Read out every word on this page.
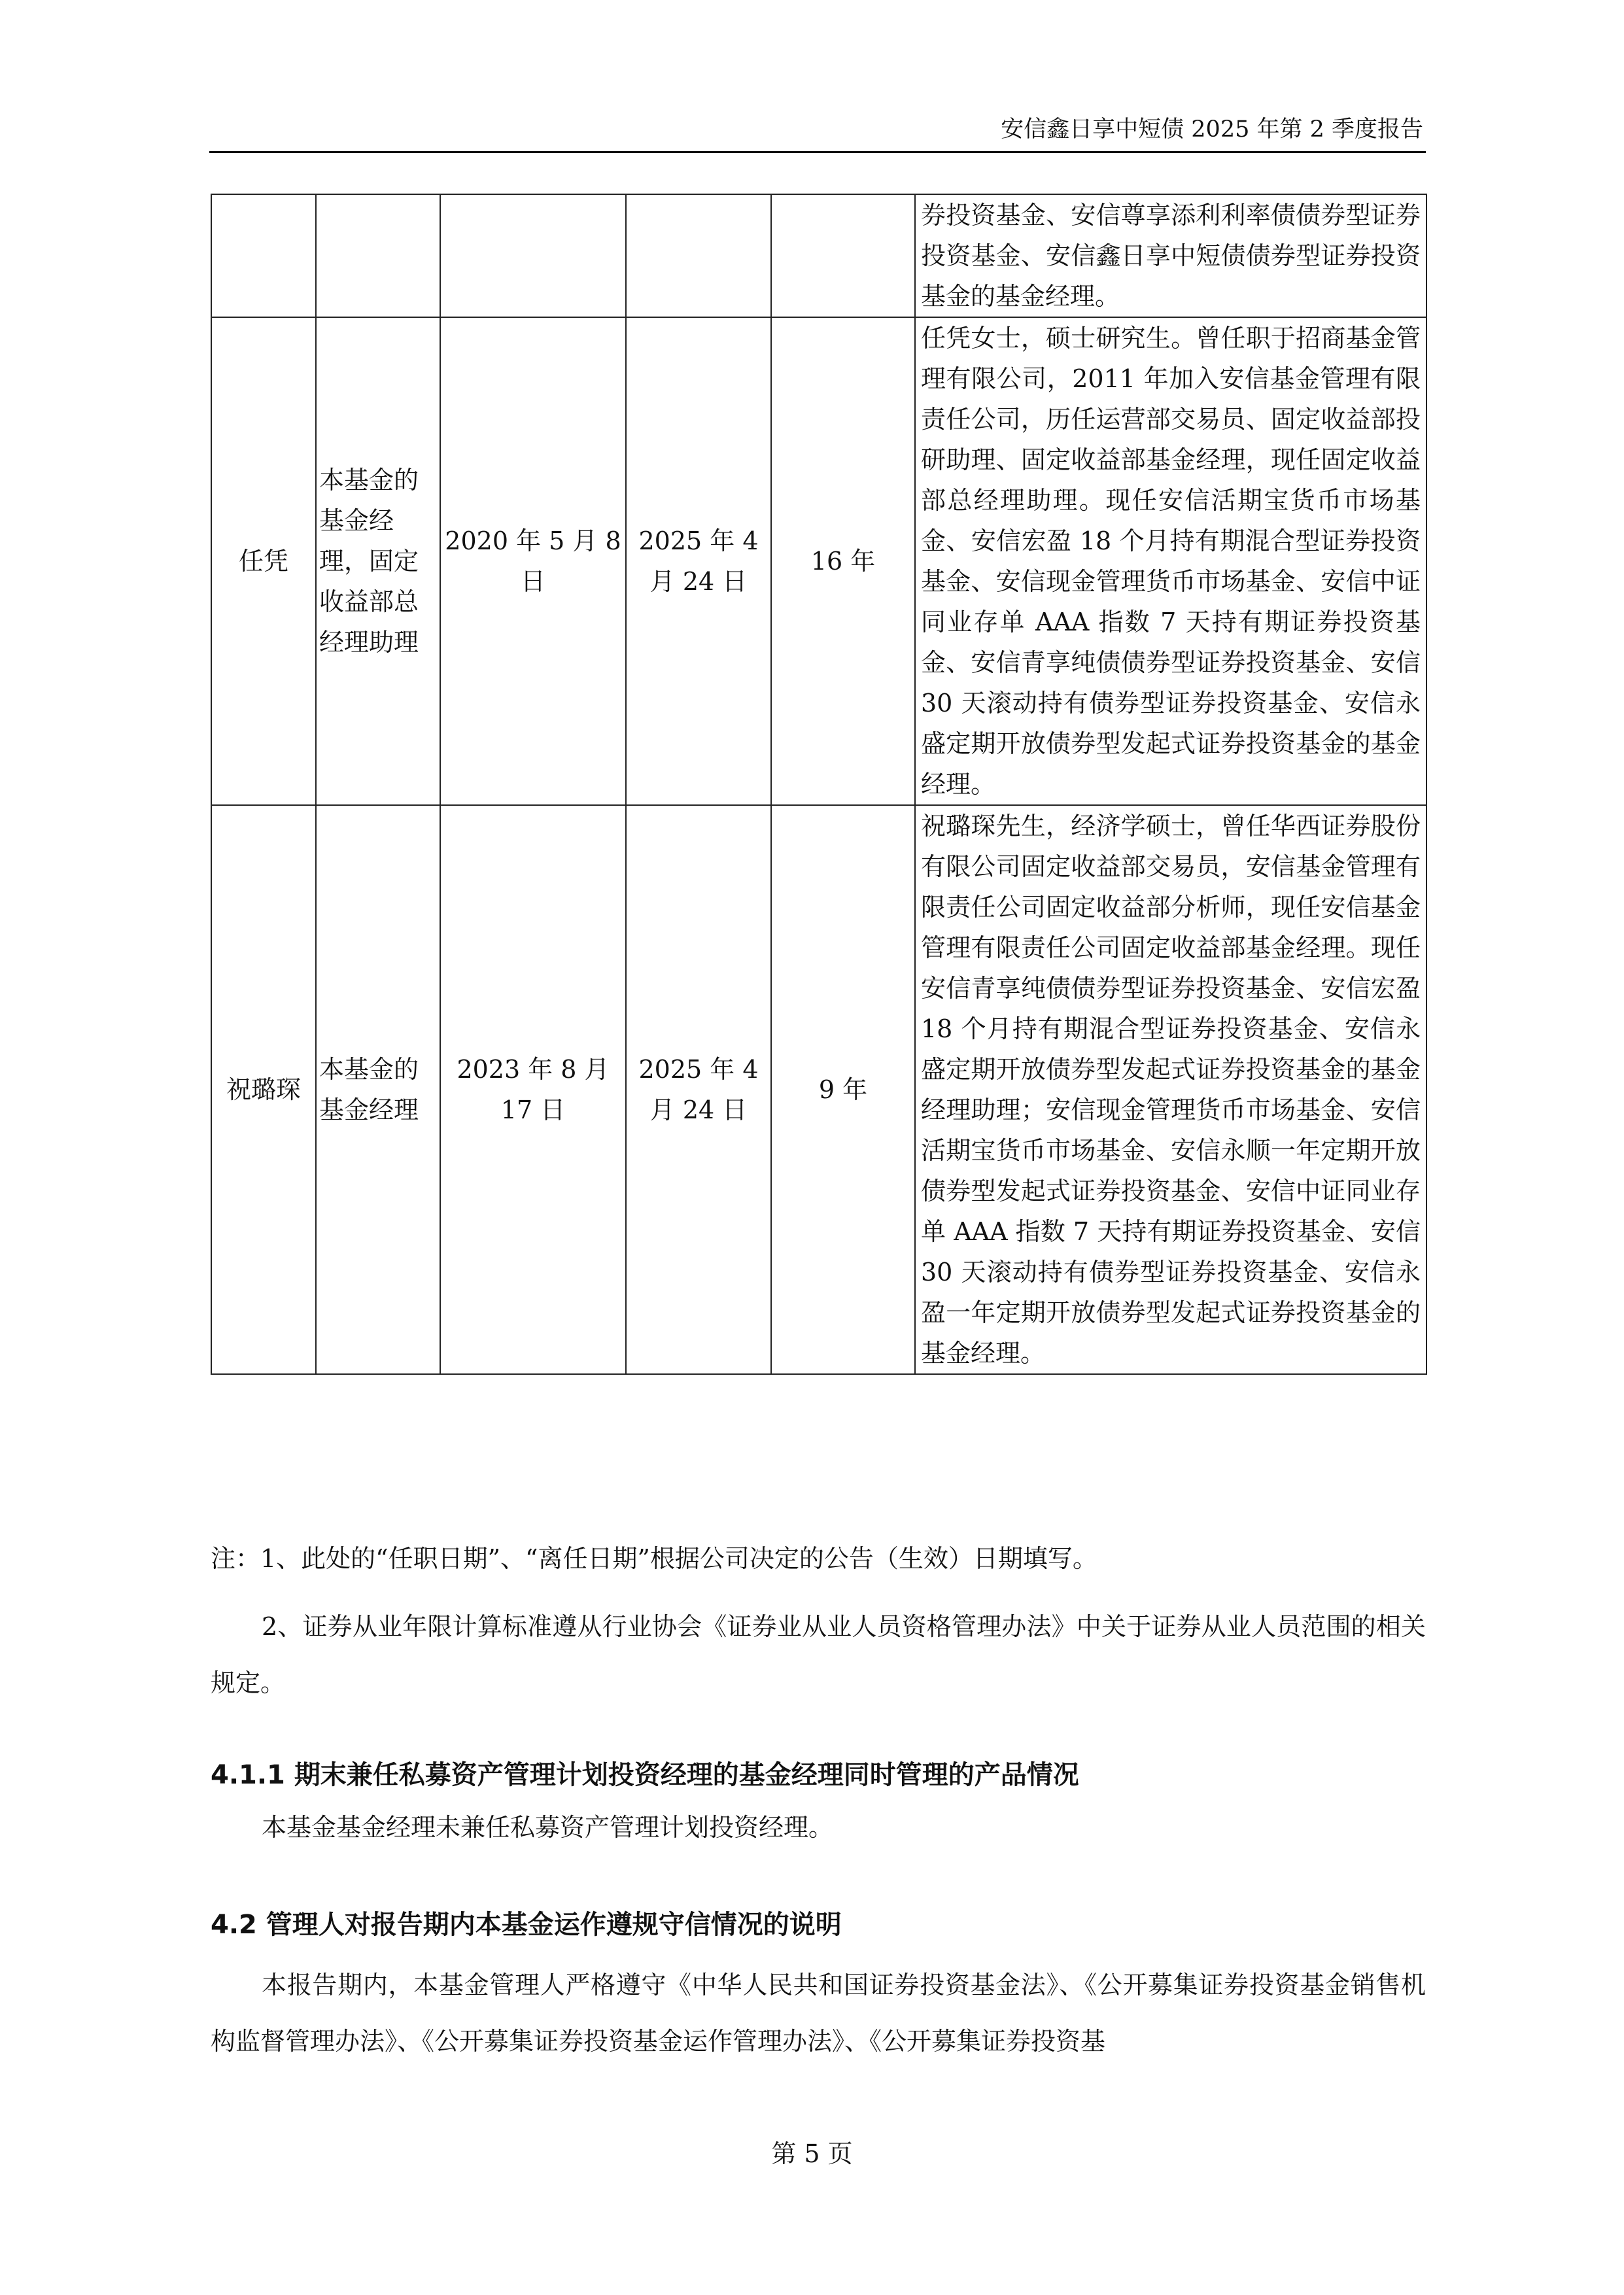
安信鑫日享中短债 2025 年第 2 季度报告
					券投资基金、安信尊享添利利率债债券型证券投资基金、安信鑫日享中短债债券型证券投资基金的基金经理。
任凭	本基金的基金经理，固定收益部总经理助理	2020 年 5 月 8 日	2025 年 4 月 24 日	16 年	任凭女士，硕士研究生。曾任职于招商基金管理有限公司，2011 年加入安信基金管理有限责任公司，历任运营部交易员、固定收益部投研助理、固定收益部基金经理，现任固定收益部总经理助理。现任安信活期宝货币市场基金、安信宏盈 18 个月持有期混合型证券投资基金、安信现金管理货币市场基金、安信中证同业存单 AAA 指数 7 天持有期证券投资基金、安信青享纯债债券型证券投资基金、安信 30 天滚动持有债券型证券投资基金、安信永盛定期开放债券型发起式证券投资基金的基金经理。
祝璐琛	本基金的基金经理	2023 年 8 月 17 日	2025 年 4 月 24 日	9 年	祝璐琛先生，经济学硕士，曾任华西证券股份有限公司固定收益部交易员，安信基金管理有限责任公司固定收益部分析师，现任安信基金管理有限责任公司固定收益部基金经理。现任安信青享纯债债券型证券投资基金、安信宏盈 18 个月持有期混合型证券投资基金、安信永盛定期开放债券型发起式证券投资基金的基金经理助理；安信现金管理货币市场基金、安信活期宝货币市场基金、安信永顺一年定期开放债券型发起式证券投资基金、安信中证同业存单 AAA 指数 7 天持有期证券投资基金、安信 30 天滚动持有债券型证券投资基金、安信永盈一年定期开放债券型发起式证券投资基金的基金经理。
注：1、此处的“任职日期”、“离任日期”根据公司决定的公告（生效）日期填写。
2、证券从业年限计算标准遵从行业协会《证券业从业人员资格管理办法》中关于证券从业人员范围的相关规定。
4.1.1 期末兼任私募资产管理计划投资经理的基金经理同时管理的产品情况
本基金基金经理未兼任私募资产管理计划投资经理。
4.2 管理人对报告期内本基金运作遵规守信情况的说明
本报告期内，本基金管理人严格遵守《中华人民共和国证券投资基金法》、《公开募集证券投资基金销售机构监督管理办法》、《公开募集证券投资基金运作管理办法》、《公开募集证券投资基
第 5 页
